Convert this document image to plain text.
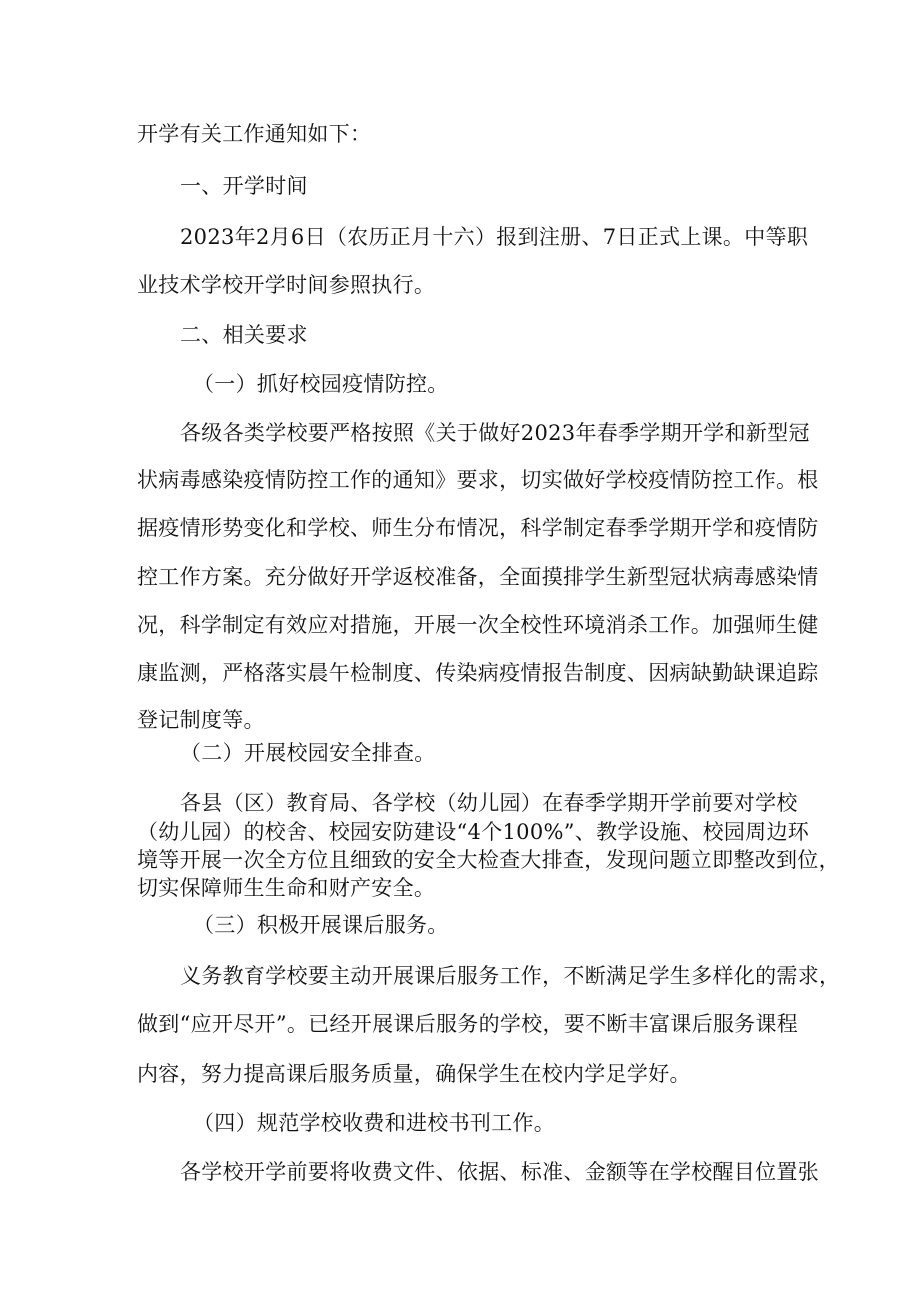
开学有关工作通知如下：
一、开学时间
2023年2月6日（农历正月十六）报到注册、7日正式上课。中等职
业技术学校开学时间参照执行。
二、相关要求
（一）抓好校园疫情防控。
各级各类学校要严格按照《关于做好2023年春季学期开学和新型冠
状病毒感染疫情防控工作的通知》要求，切实做好学校疫情防控工作。根
据疫情形势变化和学校、师生分布情况，科学制定春季学期开学和疫情防
控工作方案。充分做好开学返校准备，全面摸排学生新型冠状病毒感染情
况，科学制定有效应对措施，开展一次全校性环境消杀工作。加强师生健
康监测，严格落实晨午检制度、传染病疫情报告制度、因病缺勤缺课追踪
登记制度等。
（二）开展校园安全排查。
各县（区）教育局、各学校（幼儿园）在春季学期开学前要对学校
（幼儿园）的校舍、校园安防建设“4个100%”、教学设施、校园周边环
境等开展一次全方位且细致的安全大检查大排查，发现问题立即整改到位，
切实保障师生生命和财产安全。
（三）积极开展课后服务。
义务教育学校要主动开展课后服务工作，不断满足学生多样化的需求，
做到“应开尽开”。已经开展课后服务的学校，要不断丰富课后服务课程
内容，努力提高课后服务质量，确保学生在校内学足学好。
（四）规范学校收费和进校书刊工作。
各学校开学前要将收费文件、依据、标准、金额等在学校醒目位置张
